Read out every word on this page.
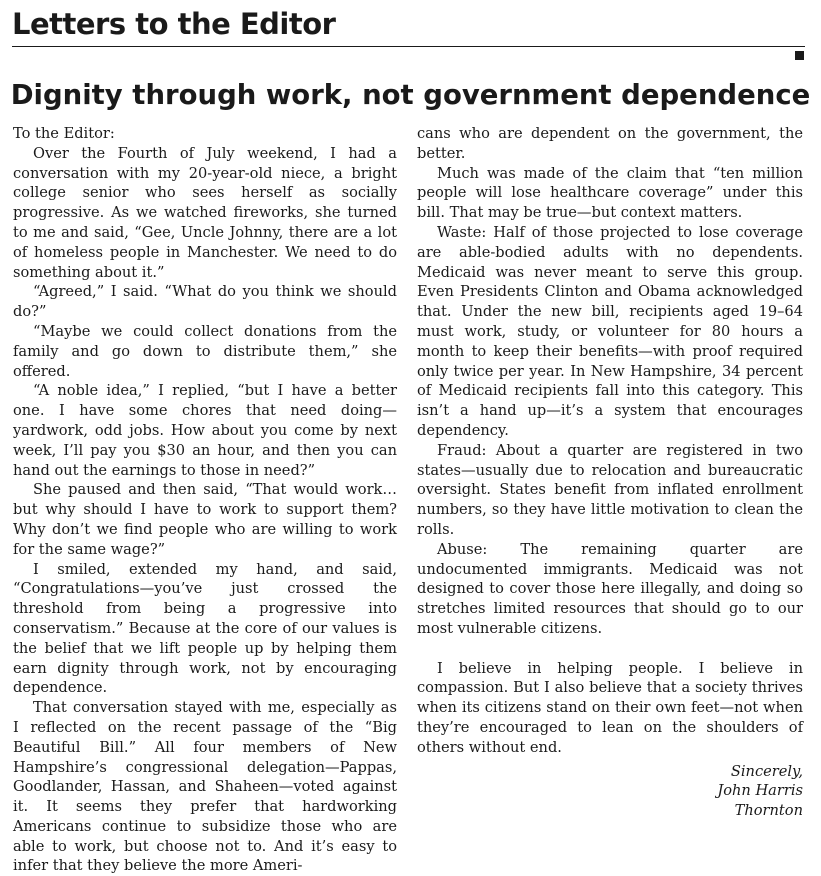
Letters to the Editor
Dignity through work, not government dependence

To the Editor:

Over the Fourth of July weekend, I had a conversation with my 20-year-old niece, a bright college senior who sees herself as socially progressive. As we watched fireworks, she turned to me and said, “Gee, Uncle Johnny, there are a lot of homeless people in Manchester. We need to do something about it.”

“Agreed,” I said. “What do you think we should do?”

“Maybe we could collect donations from the family and go down to distribute them,” she offered.

“A noble idea,” I replied, “but I have a better one. I have some chores that need doing—yardwork, odd jobs. How about you come by next week, I’ll pay you $30 an hour, and then you can hand out the earnings to those in need?”

She paused and then said, “That would work… but why should I have to work to support them? Why don’t we find people who are willing to work for the same wage?”

I smiled, extended my hand, and said, “Congratulations—you’ve just crossed the threshold from being a progressive into conservatism.” Because at the core of our values is the belief that we lift people up by helping them earn dignity through work, not by encouraging dependence.

That conversation stayed with me, especially as I reflected on the recent passage of the “Big Beautiful Bill.” All four members of New Hampshire’s congressional delegation—Pappas, Goodlander, Hassan, and Shaheen—voted against it. It seems they prefer that hardworking Americans continue to subsidize those who are able to work, but choose not to. And it’s easy to infer that they believe the more Ameri-

cans who are dependent on the government, the better.

Much was made of the claim that “ten million people will lose healthcare coverage” under this bill. That may be true—but context matters.

Waste: Half of those projected to lose coverage are able-bodied adults with no dependents. Medicaid was never meant to serve this group. Even Presidents Clinton and Obama acknowledged that. Under the new bill, recipients aged 19–64 must work, study, or volunteer for 80 hours a month to keep their benefits—with proof required only twice per year. In New Hampshire, 34 percent of Medicaid recipients fall into this category. This isn’t a hand up—it’s a system that encourages dependency.

Fraud: About a quarter are registered in two states—usually due to relocation and bureaucratic oversight. States benefit from inflated enrollment numbers, so they have little motivation to clean the rolls.

Abuse: The remaining quarter are undocumented immigrants. Medicaid was not designed to cover those here illegally, and doing so stretches limited resources that should go to our most vulnerable citizens.

I believe in helping people. I believe in compassion. But I also believe that a society thrives when its citizens stand on their own feet—not when they’re encouraged to lean on the shoulders of others without end.

Sincerely,
John Harris
Thornton
